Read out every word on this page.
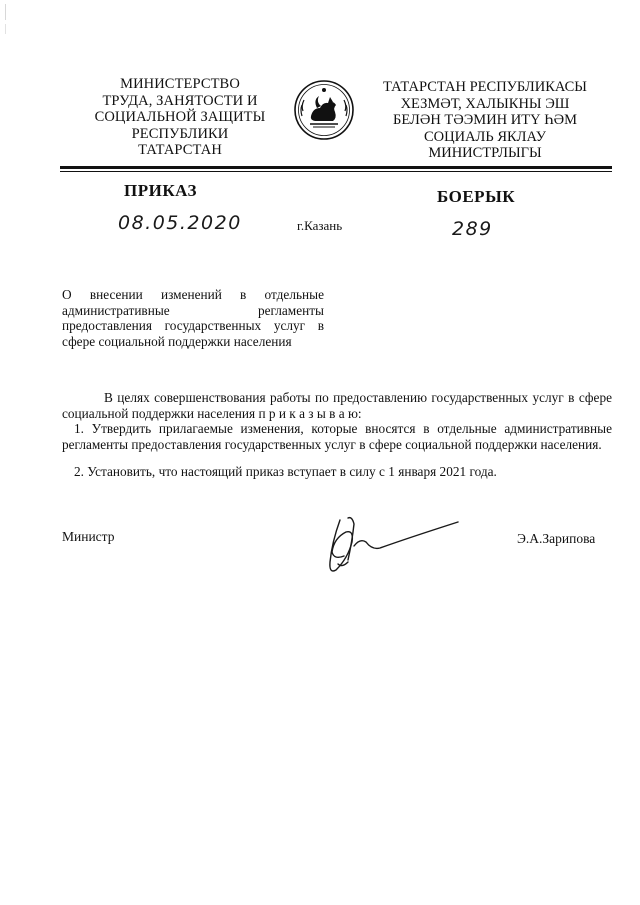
МИНИСТЕРСТВО
ТРУДА, ЗАНЯТОСТИ И
СОЦИАЛЬНОЙ ЗАЩИТЫ
РЕСПУБЛИКИ
ТАТАРСТАН
ТАТАРСТАН РЕСПУБЛИКАСЫ
ХЕЗМӘТ, ХАЛЫКНЫ ЭШ
БЕЛӘН ТӘЭМИН ИТҮ ҺӘМ
СОЦИАЛЬ ЯКЛАУ
МИНИСТРЛЫГЫ
ПРИКАЗ	БОЕРЫК
08.05.2020	г.Казань	289
О внесении изменений в отдельные административные регламенты предоставления государственных услуг в сфере социальной поддержки населения

В целях совершенствования работы по предоставлению государственных услуг в сфере социальной поддержки населения п р и к а з ы в а ю:

1. Утвердить прилагаемые изменения, которые вносятся в отдельные административные регламенты предоставления государственных услуг в сфере социальной поддержки населения.

2. Установить, что настоящий приказ вступает в силу с 1 января 2021 года.

Министр	Э.А.Зарипова
